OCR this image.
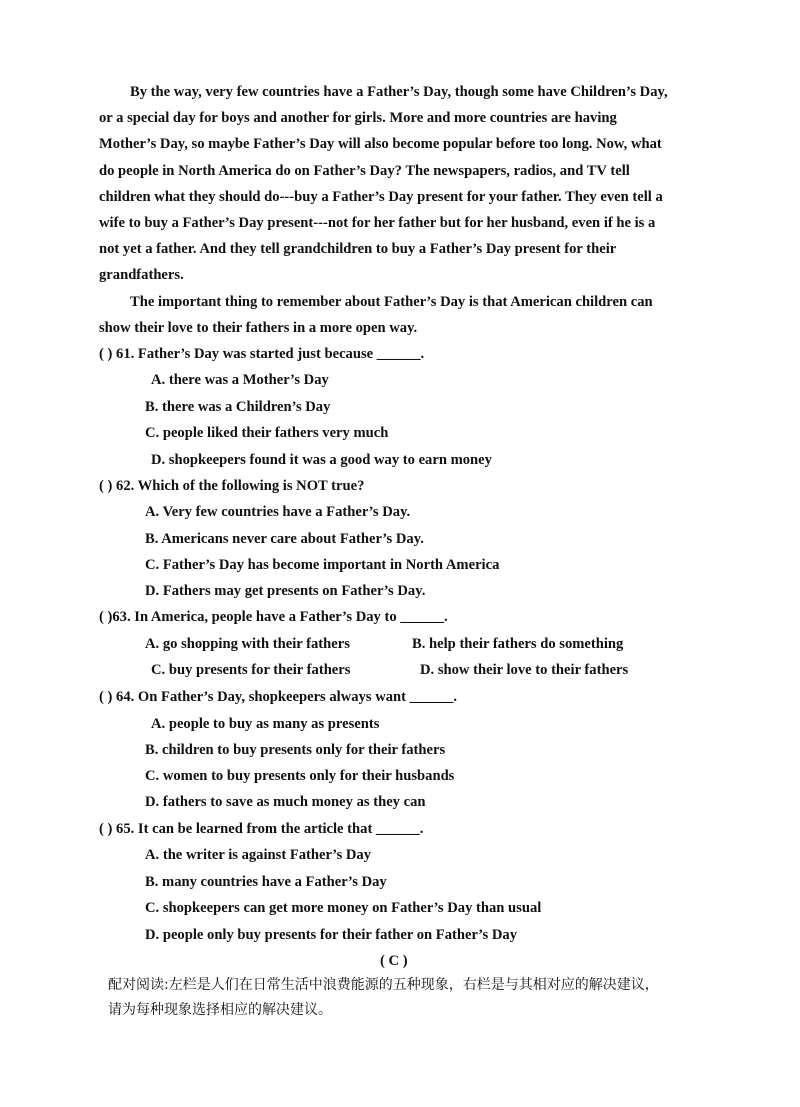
By the way, very few countries have a Father’s Day, though some have Children’s Day,
or a special day for boys and another for girls. More and more countries are having
Mother’s Day, so maybe Father’s Day will also become popular before too long. Now, what
do people in North America do on Father’s Day? The newspapers, radios, and TV tell
children what they should do---buy a Father’s Day present for your father. They even tell a
wife to buy a Father’s Day present---not for her father but for her husband, even if he is a
not yet a father. And they tell grandchildren to buy a Father’s Day present for their
grandfathers.
The important thing to remember about Father’s Day is that American children can
show their love to their fathers in a more open way.
( ) 61. Father’s Day was started just because ______.
A. there was a Mother’s Day
B. there was a Children’s Day
C. people liked their fathers very much
D. shopkeepers found it was a good way to earn money
( ) 62. Which of the following is NOT true?
A. Very few countries have a Father’s Day.
B. Americans never care about Father’s Day.
C. Father’s Day has become important in North America
D. Fathers may get presents on Father’s Day.
( )63. In America, people have a Father’s Day to ______.
A. go shopping with their fathers	B. help their fathers do something
C. buy presents for their fathers	D. show their love to their fathers
( ) 64. On Father’s Day, shopkeepers always want ______.
A. people to buy as many as presents
B. children to buy presents only for their fathers
C. women to buy presents only for their husbands
D. fathers to save as much money as they can
( ) 65. It can be learned from the article that ______.
A. the writer is against Father’s Day
B. many countries have a Father’s Day
C. shopkeepers can get more money on Father’s Day than usual
D. people only buy presents for their father on Father’s Day
( C )
配对阅读:左栏是人们在日常生活中浪费能源的五种现象，右栏是与其相对应的解决建议，
请为每种现象选择相应的解决建议。
